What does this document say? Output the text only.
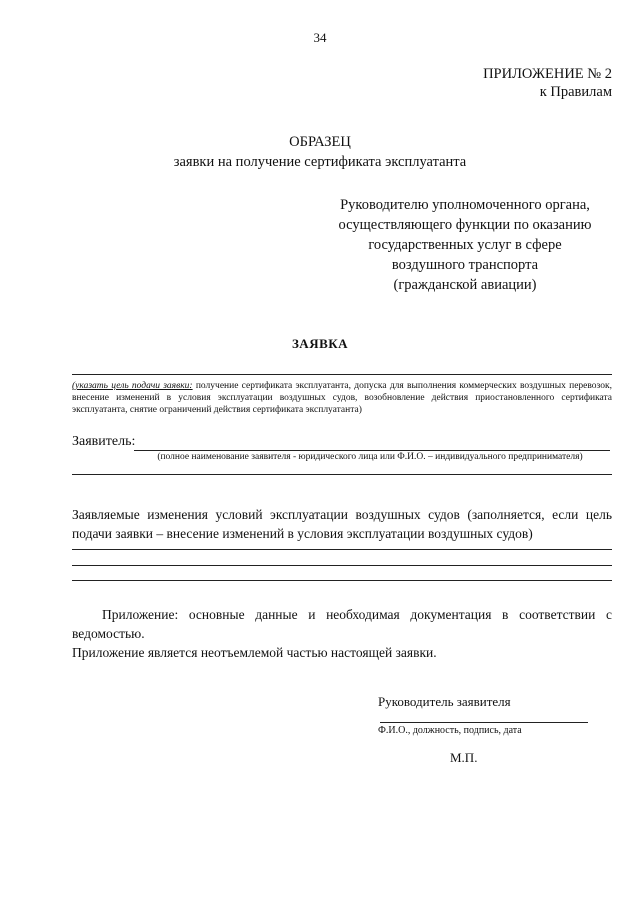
34
ПРИЛОЖЕНИЕ № 2
к Правилам
ОБРАЗЕЦ
заявки на получение сертификата эксплуатанта
Руководителю уполномоченного органа,
осуществляющего функции по оказанию
государственных услуг в сфере
воздушного транспорта
(гражданской авиации)
ЗАЯВКА
(указать цель подачи заявки: получение сертификата эксплуатанта, допуска для выполнения коммерческих воздушных перевозок, внесение изменений в условия эксплуатации воздушных судов, возобновление действия приостановленного сертификата эксплуатанта, снятие ограничений действия сертификата эксплуатанта)
Заявитель:
(полное наименование заявителя - юридического лица или Ф.И.О. – индивидуального предпринимателя)
Заявляемые изменения условий эксплуатации воздушных судов (заполняется, если цель подачи заявки – внесение изменений в условия эксплуатации воздушных судов)
Приложение: основные данные и необходимая документация в соответствии с ведомостью.
Приложение является неотъемлемой частью настоящей заявки.
Руководитель заявителя
Ф.И.О., должность, подпись, дата
М.П.
